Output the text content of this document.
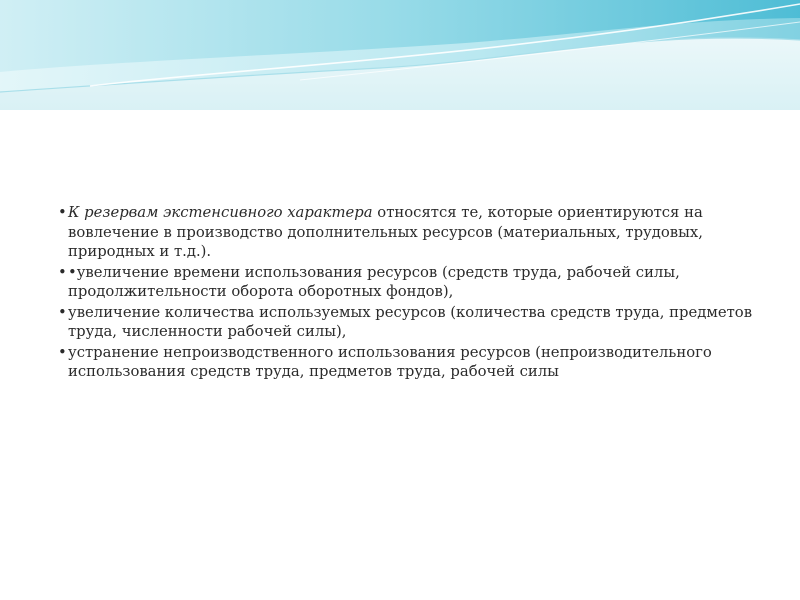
• К резервам экстенсивного характера относятся те, которые ориентируются на вовлечение в производство дополнительных ресурсов (материальных, трудовых, природных и т.д.).
• •увеличение времени использования ресурсов (средств труда, рабочей силы, продолжительности оборота оборотных фондов),
• увеличение количества используемых ресурсов (количества средств труда, предметов труда, численности рабочей силы),
• устранение непроизводственного использования ресурсов (непроизводительного использования средств труда, предметов труда, рабочей силы
